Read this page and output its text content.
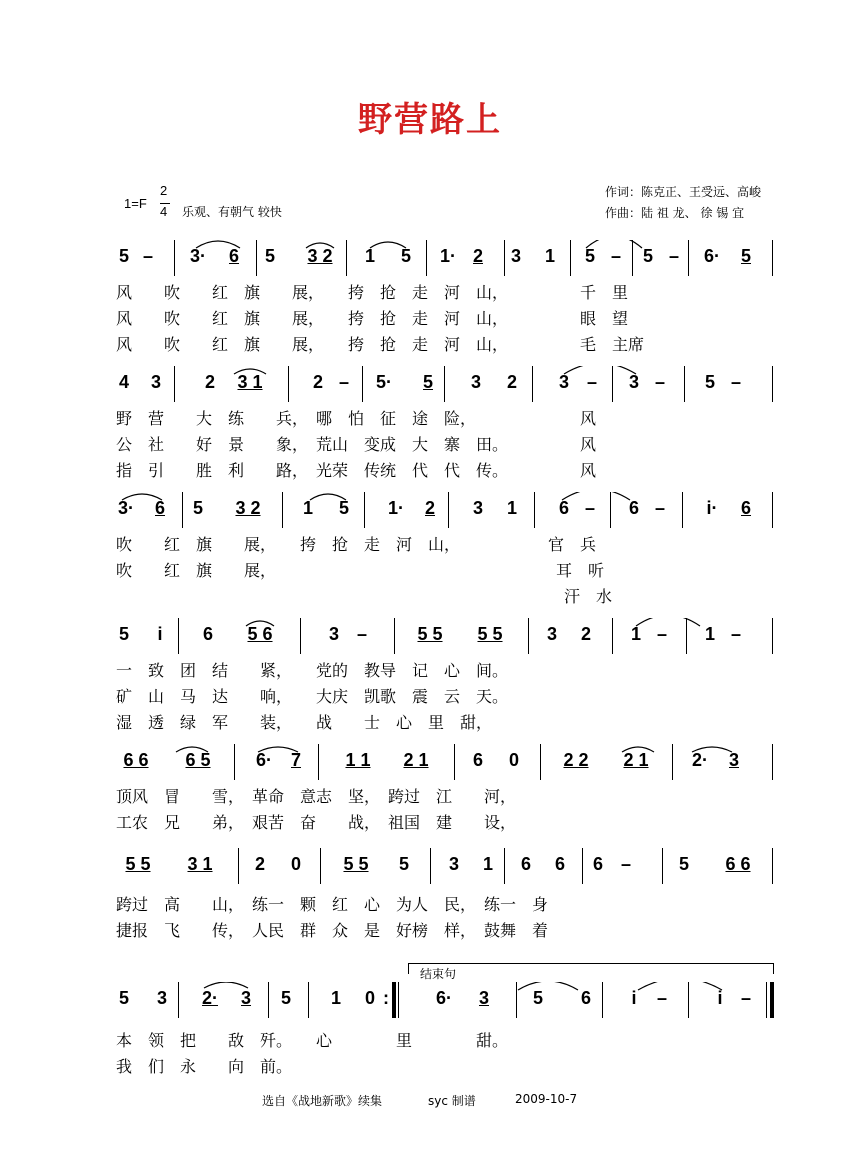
野营路上
1=F
2
4 乐观、有朝气 较快
作词：陈克正、王受远、高峻
作曲：陆 祖 龙、 徐 锡 宜
5 – 3· 6 5 3 2 1 5 1· 2 3 1 5 – 5 – 6· 5
风　　吹　　红　旗　　展，　　挎　抢　走　河　山，　　　　　千　里
风　　吹　　红　旗　　展，　　挎　抢　走　河　山，　　　　　眼　望
风　　吹　　红　旗　　展，　　挎　抢　走　河　山，　　　　　毛　主席
4 3 2 3 1	2 – 5· 5 3 2 3 – 3 – 5 –
野　营　　大　练　　兵，　哪　怕　征　途　险，　　　　　　　风
公　社　　好　景　　象，　荒山　变成　大　寨　田。　　　　　风
指　引　　胜　利　　路，　光荣　传统　代　代　传。　　　　　风
3· 6 5 3 2 1 5 1· 2 3 1 6 – 6 – i· 6
吹　　红　旗　　展，　　挎　抢　走　河　山，　　　　　　官　兵
吹　　红　旗　　展，　　　　　　　　　　　　　　　　　　耳　听
　　　　　　　　　　　　　　　　　　　　　　　　　　　　汗　水
5 i 6 5 6	3 –	5 5 5 5 3 2 1 – 1 –
一　致　团　结　　紧，　　党的　教导　记　心　间。
矿　山　马　达　　响，　　大庆　凯歌　震　云　天。
湿　透　绿　军　　装，　　战　　士　心　里　甜，
6 6 6 5	6· 7 1 1 2 1 6 0 2 2 2 1 2· 3
顶风　冒　　雪，　革命　意志　坚，　跨过　江　　河，
工农　兄　　弟，　艰苦　奋　　战，　祖国　建　　设，
5 5 3 1 2 0 5 5 5 3 1 6 6 6 –	5 6 6
跨过　高　　山，　练一　颗　红　心　为人　民，　练一　身
捷报　飞　　传，　人民　群　众　是　好榜　样，　鼓舞　着
结束句
5 3 2· 3 5 1 0 :	6· 3 5 6 i –	i –
本　领　把　　敌　歼。　　心　　　　里　　　　甜。
我　们　永　　向　前。
选自《战地新歌》续集	syc 制谱	2009-10-7
